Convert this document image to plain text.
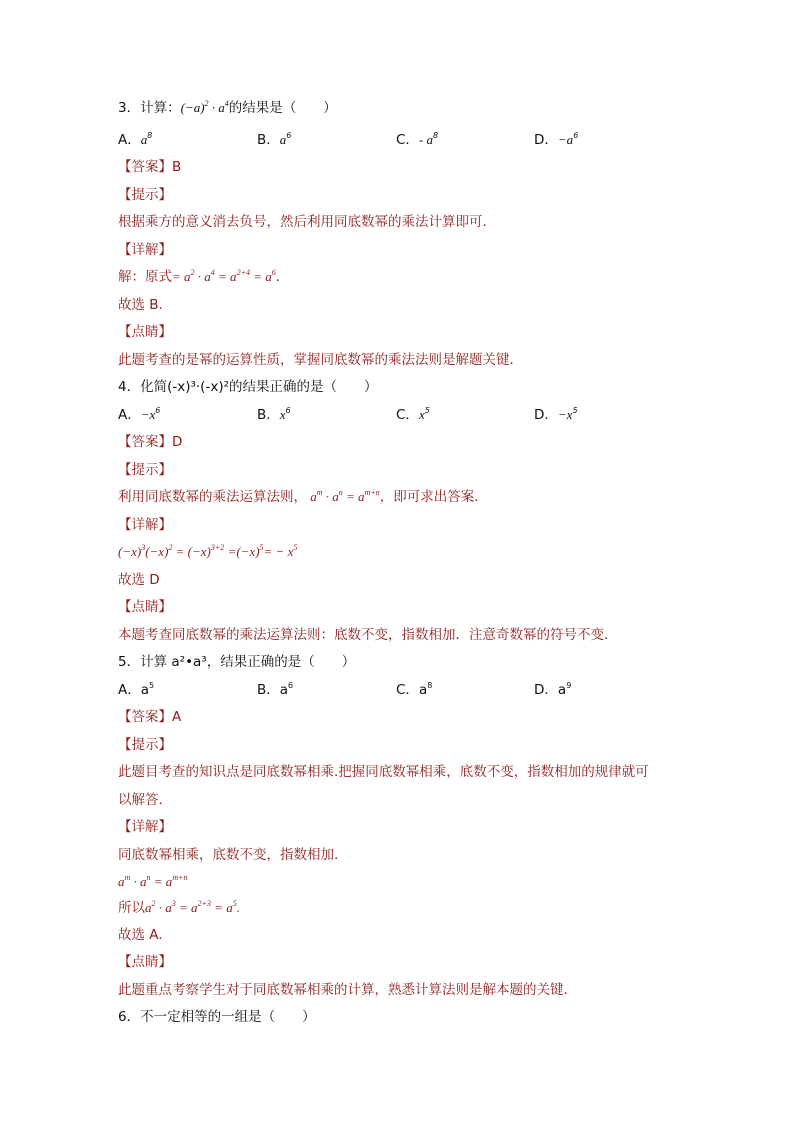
3．计算：$(-a)^2 \cdot a^4$的结果是（　　）
A．$a^8$	B．$a^6$	C．- $a^8$	D．$-a^6$
【答案】B
【提示】
根据乘方的意义消去负号，然后利用同底数幂的乘法计算即可．
【详解】
解：原式= $a^2 \cdot a^4 = a^{2+4} = a^6$．
故选 B．
【点睛】
此题考查的是幂的运算性质，掌握同底数幂的乘法法则是解题关键．
4．化简(-x)³·(-x)²的结果正确的是（　　）
A．$-x^6$	B．$x^6$	C．$x^5$	D．$-x^5$
【答案】D
【提示】
利用同底数幂的乘法运算法则， $a^m \cdot a^n = a^{m+n}$，即可求出答案．
【详解】
$(-x)^3(-x)^2 = (-x)^{3+2} =(-x)^5= - x^5$
故选 D
【点睛】
本题考查同底数幂的乘法运算法则：底数不变，指数相加．注意奇数幂的符号不变．
5．计算 a²•a³，结果正确的是（　　）
A．$a^5$	B．$a^6$	C．$a^8$	D．$a^9$
【答案】A
【提示】
此题目考查的知识点是同底数幂相乘.把握同底数幂相乘，底数不变，指数相加的规律就可
以解答．
【详解】
同底数幂相乘，底数不变，指数相加.
$a^m \cdot a^n = a^{m+n}$
所以$a^2 \cdot a^3 = a^{2+3} = a^5$.
故选 A.
【点睛】
此题重点考察学生对于同底数幂相乘的计算，熟悉计算法则是解本题的关键．
6．不一定相等的一组是（　　）
